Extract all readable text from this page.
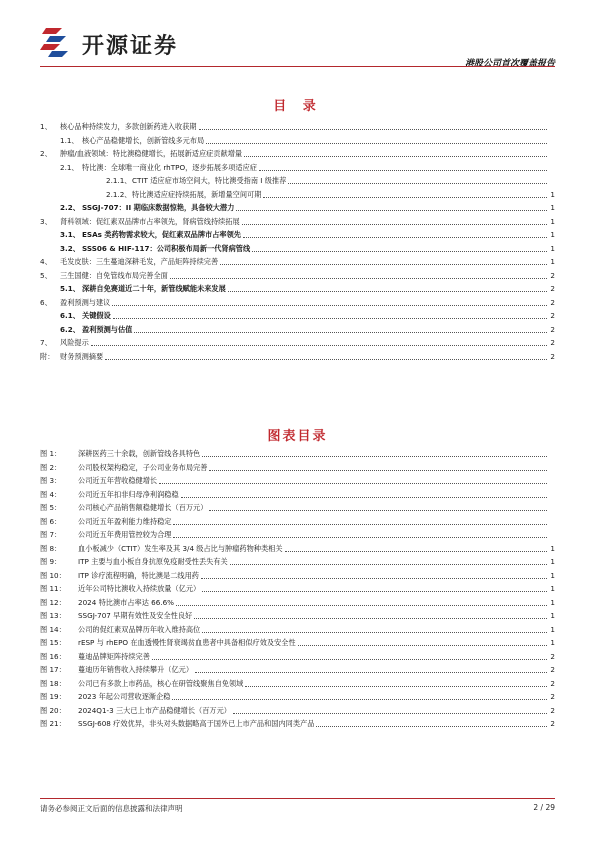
开源证券
港股公司首次覆盖报告
目 录
1、 核心品种持续发力，多款创新药进入收获期
1.1、 核心产品稳健增长，创新管线多元布局
2、 肿瘤/血液领域：特比澳稳健增长，拓展新适应症贡献增量
2.1、 特比澳：全球唯一商业化 rhTPO，逐步拓展多项适应症
2.1.1、CTIT 适应症市场空间大，特比澳受指南 I 级推荐
2.1.2、特比澳适应症持续拓展，新增量空间可期	1
2.2、 SSGJ-707：II 期临床数据惊艳，具备较大潜力	1
3、 肾科领域：促红素双品牌市占率领先，肾病管线持续拓展	1
3.1、 ESAs 类药物需求较大，促红素双品牌市占率领先	1
3.2、 SSS06 & HIF-117：公司积极布局新一代肾病管线	1
4、 毛发皮肤：三生蔓迪深耕毛发，产品矩阵持续完善	1
5、 三生国健：自免管线布局完善全面	2
5.1、 深耕自免赛道近二十年，新管线赋能未来发展	2
6、 盈利预测与建议	2
6.1、 关键假设	2
6.2、 盈利预测与估值	2
7、 风险提示	2
附： 财务预测摘要	2
图表目录
图 1： 深耕医药三十余载，创新管线各具特色
图 2： 公司股权架构稳定，子公司业务布局完善
图 3： 公司近五年营收稳健增长
图 4： 公司近五年扣非归母净利润稳稳
图 5： 公司核心产品销售额稳健增长（百万元）
图 6： 公司近五年盈利能力维持稳定
图 7： 公司近五年费用管控较为合理
图 8： 血小板减少（CTIT）发生率及其 3/4 级占比与肿瘤药物种类相关	1
图 9： ITP 主要与血小板自身抗原免疫耐受性丢失有关	1
图 10： ITP 诊疗流程明确，特比澳是二线用药	1
图 11： 近年公司特比澳收入持续放量（亿元）	1
图 12： 2024 特比澳市占率达 66.6%	1
图 13： SSGJ-707 早期有效性及安全性良好	1
图 14： 公司的促红素双品牌历年收入维持高位	1
图 15： rESP 与 rhEPO 在血透慢性肾衰竭贫血患者中具备相似疗效及安全性	1
图 16： 蔓迪品牌矩阵持续完善	2
图 17： 蔓迪历年销售收入持续攀升（亿元）	2
图 18： 公司已有多款上市药品，核心在研管线聚焦自免领域	2
图 19： 2023 年起公司营收逐渐企稳	2
图 20： 2024Q1-3 三大已上市产品稳健增长（百万元）	2
图 21： SSGJ-608 疗效优异，非头对头数据略高于国外已上市产品和国内同类产品	2
请务必参阅正文后面的信息披露和法律声明	2 / 29
